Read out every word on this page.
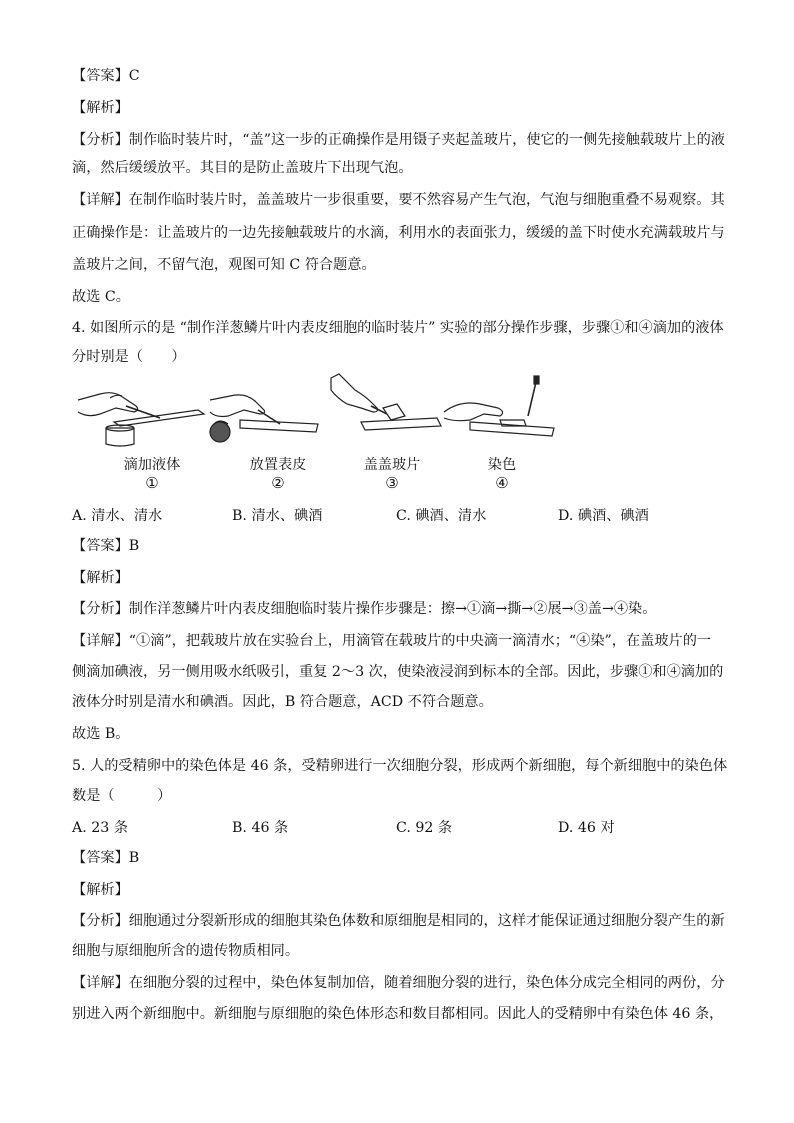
【答案】C
【解析】
【分析】制作临时装片时，“盖”这一步的正确操作是用镊子夹起盖玻片，使它的一侧先接触载玻片上的液
滴，然后缓缓放平。其目的是防止盖玻片下出现气泡。
【详解】在制作临时装片时，盖盖玻片一步很重要，要不然容易产生气泡，气泡与细胞重叠不易观察。其
正确操作是：让盖玻片的一边先接触载玻片的水滴，利用水的表面张力，缓缓的盖下时使水充满载玻片与
盖玻片之间，不留气泡，观图可知 C 符合题意。
故选 C。
4. 如图所示的是 “制作洋葱鳞片叶内表皮细胞的临时装片” 实验的部分操作步骤，步骤①和④滴加的液体
分时别是（　　）
滴加液体	放置表皮	盖盖玻片	染色
①	②	③	④
A. 清水、清水	B. 清水、碘酒	C. 碘酒、清水	D. 碘酒、碘酒
【答案】B
【解析】
【分析】制作洋葱鳞片叶内表皮细胞临时装片操作步骤是：擦→①滴→撕→②展→③盖→④染。
【详解】“①滴”，把载玻片放在实验台上，用滴管在载玻片的中央滴一滴清水；“④染”，在盖玻片的一
侧滴加碘液，另一侧用吸水纸吸引，重复 2～3 次，使染液浸润到标本的全部。因此，步骤①和④滴加的
液体分时别是清水和碘酒。因此，B 符合题意，ACD 不符合题意。
故选 B。
5. 人的受精卵中的染色体是 46 条，受精卵进行一次细胞分裂，形成两个新细胞，每个新细胞中的染色体
数是（　　　）
A. 23 条	B. 46 条	C. 92 条	D. 46 对
【答案】B
【解析】
【分析】细胞通过分裂新形成的细胞其染色体数和原细胞是相同的，这样才能保证通过细胞分裂产生的新
细胞与原细胞所含的遗传物质相同。
【详解】在细胞分裂的过程中，染色体复制加倍，随着细胞分裂的进行，染色体分成完全相同的两份，分
别进入两个新细胞中。新细胞与原细胞的染色体形态和数目都相同。因此人的受精卵中有染色体 46 条，
